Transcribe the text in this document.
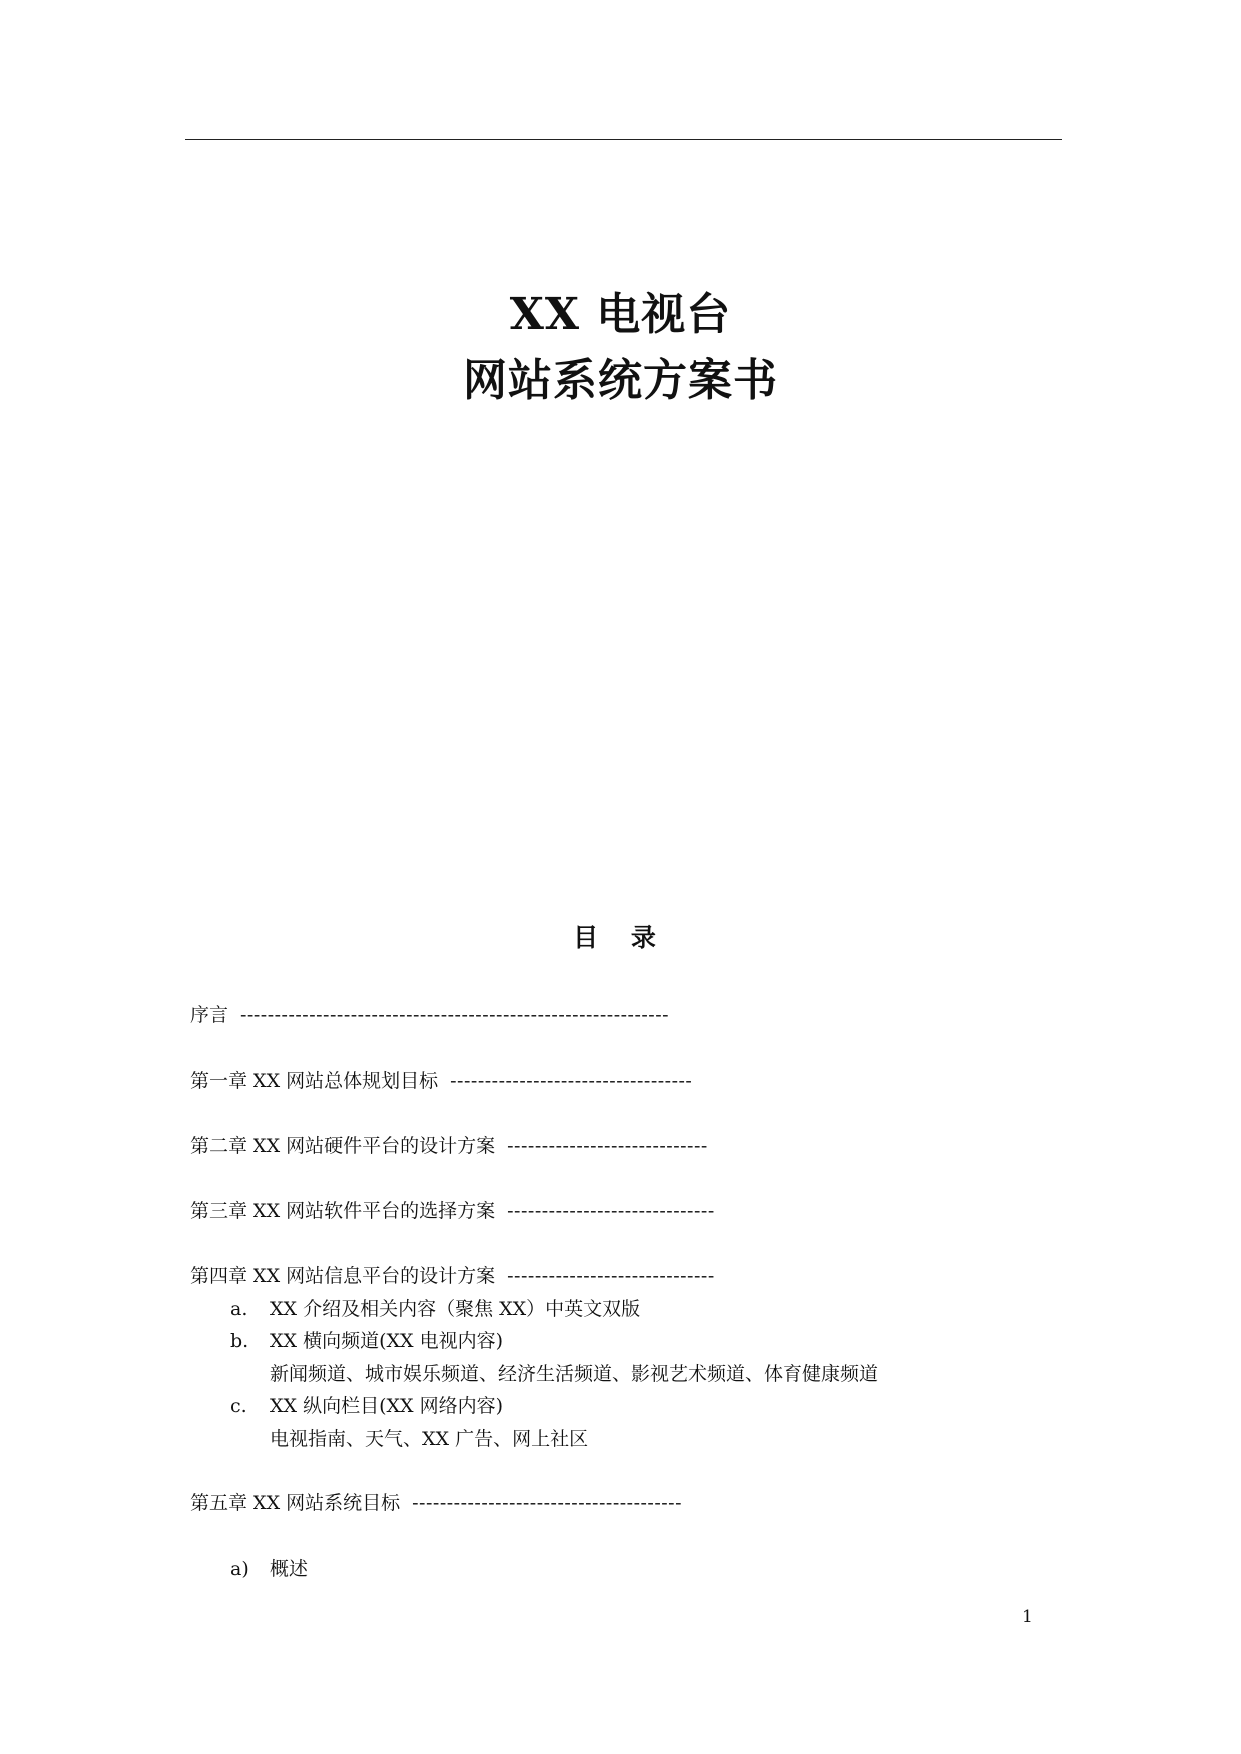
XX 电视台
网站系统方案书
目 录
序言 --------------------------------------------------------------
第一章 XX 网站总体规划目标 -----------------------------------
第二章 XX 网站硬件平台的设计方案 -----------------------------
第三章 XX 网站软件平台的选择方案 ------------------------------
第四章 XX 网站信息平台的设计方案 ------------------------------
a. XX 介绍及相关内容（聚焦 XX）中英文双版
b. XX 横向频道(XX 电视内容)
新闻频道、城市娱乐频道、经济生活频道、影视艺术频道、体育健康频道
c. XX 纵向栏目(XX 网络内容)
电视指南、天气、XX 广告、网上社区
第五章 XX 网站系统目标 ---------------------------------------
a) 概述
1
